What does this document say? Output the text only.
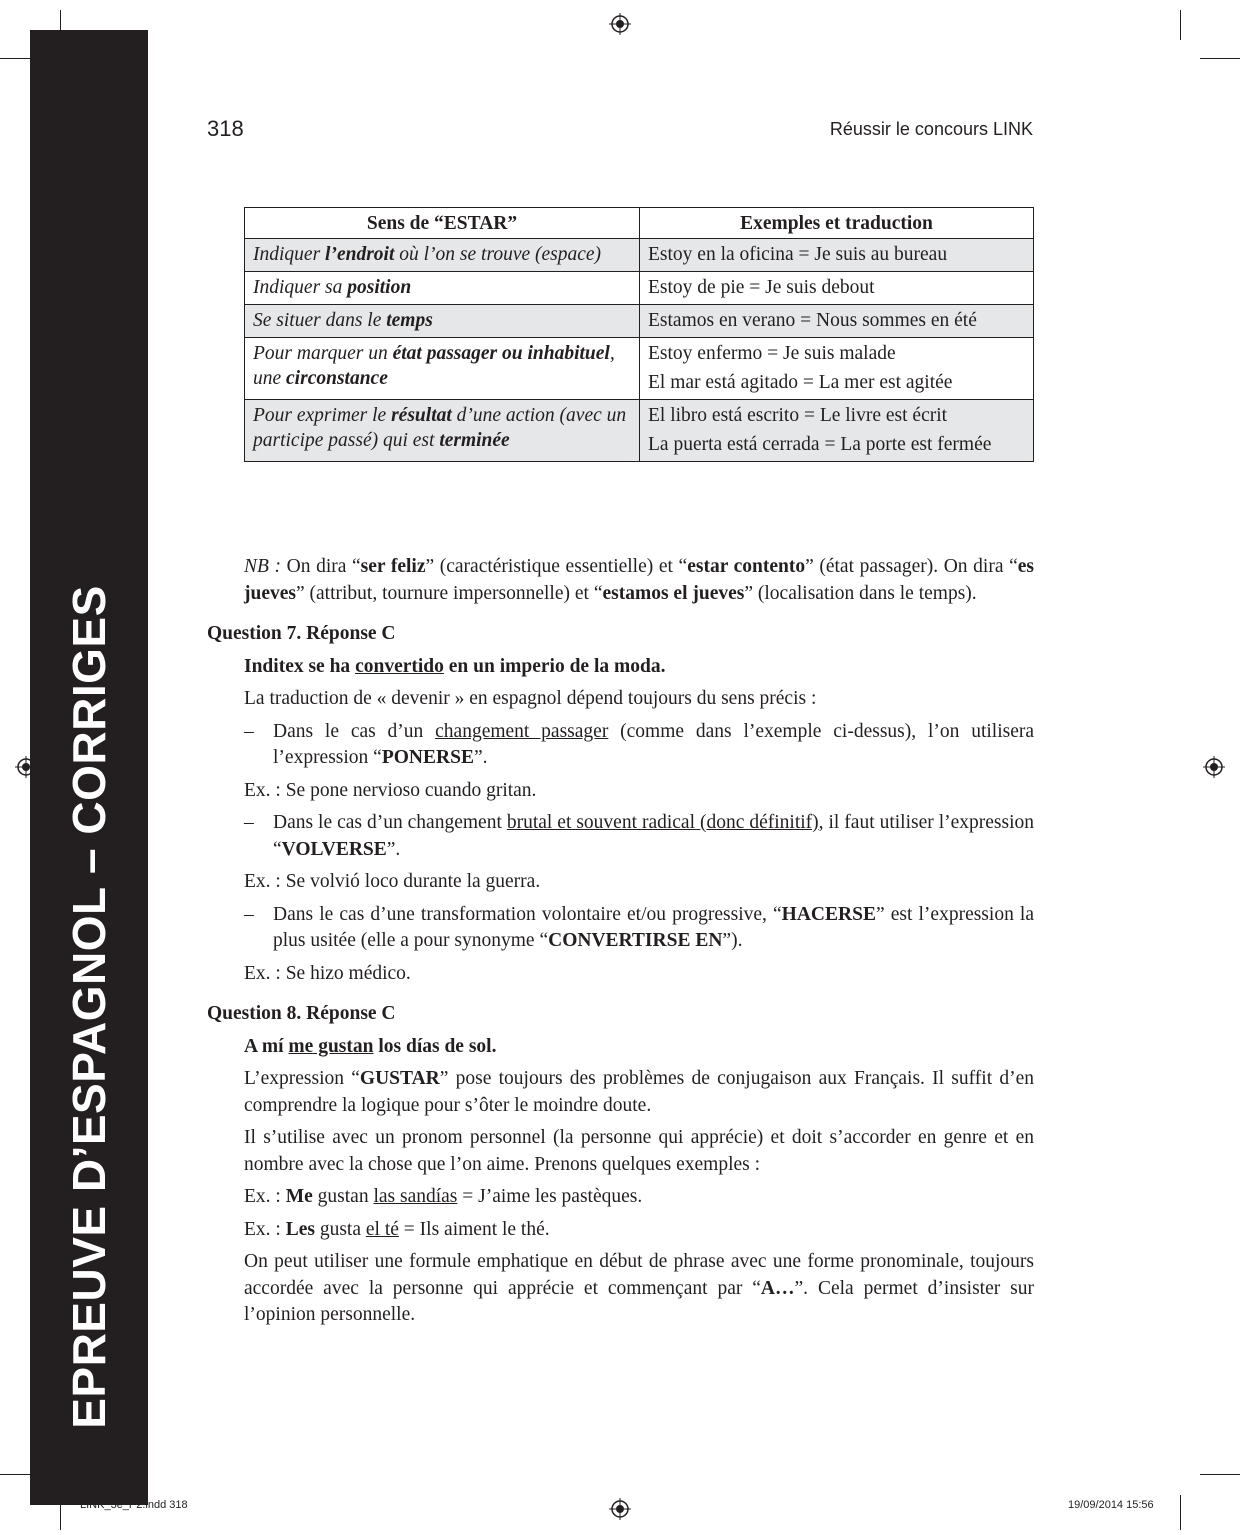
EPREUVE D’ESPAGNOL – CORRIGES
318	Réussir le concours LINK
Sens de “ESTAR”	Exemples et traduction
Indiquer l’endroit où l’on se trouve (espace)	Estoy en la oficina = Je suis au bureau

Indiquer sa position	Estoy de pie = Je suis debout

Se situer dans le temps	Estamos en verano = Nous sommes en été

Pour marquer un état passager ou inhabituel, une circonstance	Estoy enfermo = Je suis malade

El mar está agitado = La mer est agitée

Pour exprimer le résultat d’une action (avec un participe passé) qui est terminée	El libro está escrito = Le livre est écrit

La puerta está cerrada = La porte est fermée

NB : On dira “ser feliz” (caractéristique essentielle) et “estar contento” (état passager). On dira “es jueves” (attribut, tournure impersonnelle) et “estamos el jueves” (localisation dans le temps).

Question 7. Réponse C

Inditex se ha convertido en un imperio de la moda.

La traduction de « devenir » en espagnol dépend toujours du sens précis :

– Dans le cas d’un changement passager (comme dans l’exemple ci-dessus), l’on utilisera l’expression “PONERSE”.

Ex. : Se pone nervioso cuando gritan.

– Dans le cas d’un changement brutal et souvent radical (donc définitif), il faut utiliser l’expression “VOLVERSE”.

Ex. : Se volvió loco durante la guerra.

– Dans le cas d’une transformation volontaire et/ou progressive, “HACERSE” est l’expression la plus usitée (elle a pour synonyme “CONVERTIRSE EN”).

Ex. : Se hizo médico.

Question 8. Réponse C

A mí me gustan los días de sol.

L’expression “GUSTAR” pose toujours des problèmes de conjugaison aux Français. Il suffit d’en comprendre la logique pour s’ôter le moindre doute.

Il s’utilise avec un pronom personnel (la personne qui apprécie) et doit s’accorder en genre et en nombre avec la chose que l’on aime. Prenons quelques exemples :

Ex. : Me gustan las sandías = J’aime les pastèques.

Ex. : Les gusta el té = Ils aiment le thé.

On peut utiliser une formule emphatique en début de phrase avec une forme pronominale, toujours accordée avec la personne qui apprécie et commençant par “A…”. Cela permet d’insister sur l’opinion personnelle.

LINK_3e_P2.indd 318	19/09/2014 15:56
